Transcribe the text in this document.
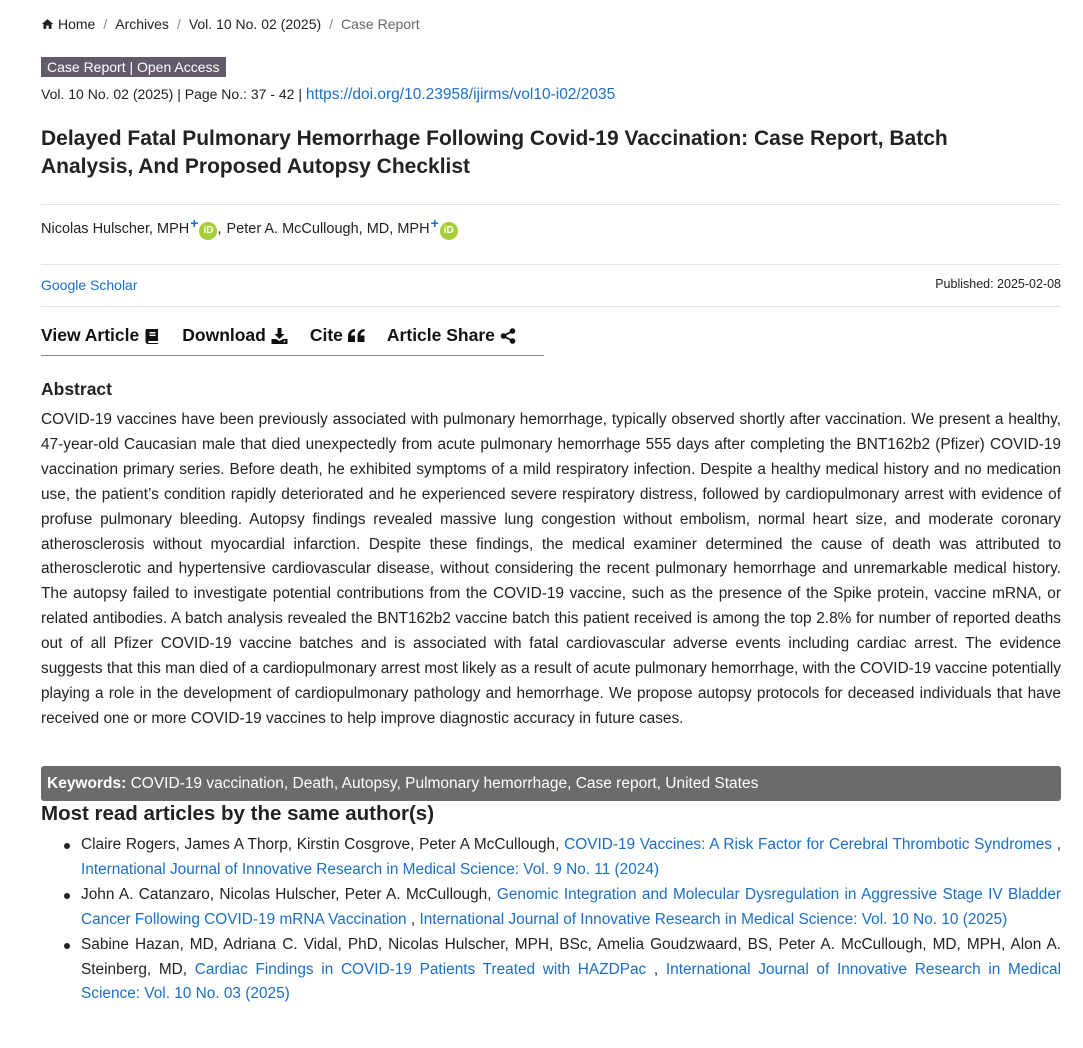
Home / Archives / Vol. 10 No. 02 (2025) / Case Report
Case Report | Open Access
Vol. 10 No. 02 (2025) | Page No.: 37 - 42 | https://doi.org/10.23958/ijirms/vol10-i02/2035
Delayed Fatal Pulmonary Hemorrhage Following Covid-19 Vaccination: Case Report, Batch Analysis, And Proposed Autopsy Checklist
Nicolas Hulscher, MPH + iD , Peter A. McCullough, MD, MPH + iD
Google Scholar	Published: 2025-02-08
View Article Download	Cite	Article Share
Abstract

COVID-19 vaccines have been previously associated with pulmonary hemorrhage, typically observed shortly after vaccination. We present a healthy, 47-year-old Caucasian male that died unexpectedly from acute pulmonary hemorrhage 555 days after completing the BNT162b2 (Pfizer) COVID-19 vaccination primary series. Before death, he exhibited symptoms of a mild respiratory infection. Despite a healthy medical history and no medication use, the patient’s condition rapidly deteriorated and he experienced severe respiratory distress, followed by cardiopulmonary arrest with evidence of profuse pulmonary bleeding. Autopsy findings revealed massive lung congestion without embolism, normal heart size, and moderate coronary atherosclerosis without myocardial infarction. Despite these findings, the medical examiner determined the cause of death was attributed to atherosclerotic and hypertensive cardiovascular disease, without considering the recent pulmonary hemorrhage and unremarkable medical history. The autopsy failed to investigate potential contributions from the COVID-19 vaccine, such as the presence of the Spike protein, vaccine mRNA, or related antibodies. A batch analysis revealed the BNT162b2 vaccine batch this patient received is among the top 2.8% for number of reported deaths out of all Pfizer COVID-19 vaccine batches and is associated with fatal cardiovascular adverse events including cardiac arrest. The evidence suggests that this man died of a cardiopulmonary arrest most likely as a result of acute pulmonary hemorrhage, with the COVID-19 vaccine potentially playing a role in the development of cardiopulmonary pathology and hemorrhage. We propose autopsy protocols for deceased individuals that have received one or more COVID-19 vaccines to help improve diagnostic accuracy in future cases.

Keywords: COVID-19 vaccination, Death, Autopsy, Pulmonary hemorrhage, Case report, United States
Most read articles by the same author(s)
Claire Rogers, James A Thorp, Kirstin Cosgrove, Peter A McCullough, COVID-19 Vaccines: A Risk Factor for Cerebral Thrombotic Syndromes , International Journal of Innovative Research in Medical Science: Vol. 9 No. 11 (2024)
John A. Catanzaro, Nicolas Hulscher, Peter A. McCullough, Genomic Integration and Molecular Dysregulation in Aggressive Stage IV Bladder Cancer Following COVID-19 mRNA Vaccination , International Journal of Innovative Research in Medical Science: Vol. 10 No. 10 (2025)
Sabine Hazan, MD, Adriana C. Vidal, PhD, Nicolas Hulscher, MPH, BSc, Amelia Goudzwaard, BS, Peter A. McCullough, MD, MPH, Alon A. Steinberg, MD, Cardiac Findings in COVID-19 Patients Treated with HAZDPac , International Journal of Innovative Research in Medical Science: Vol. 10 No. 03 (2025)
